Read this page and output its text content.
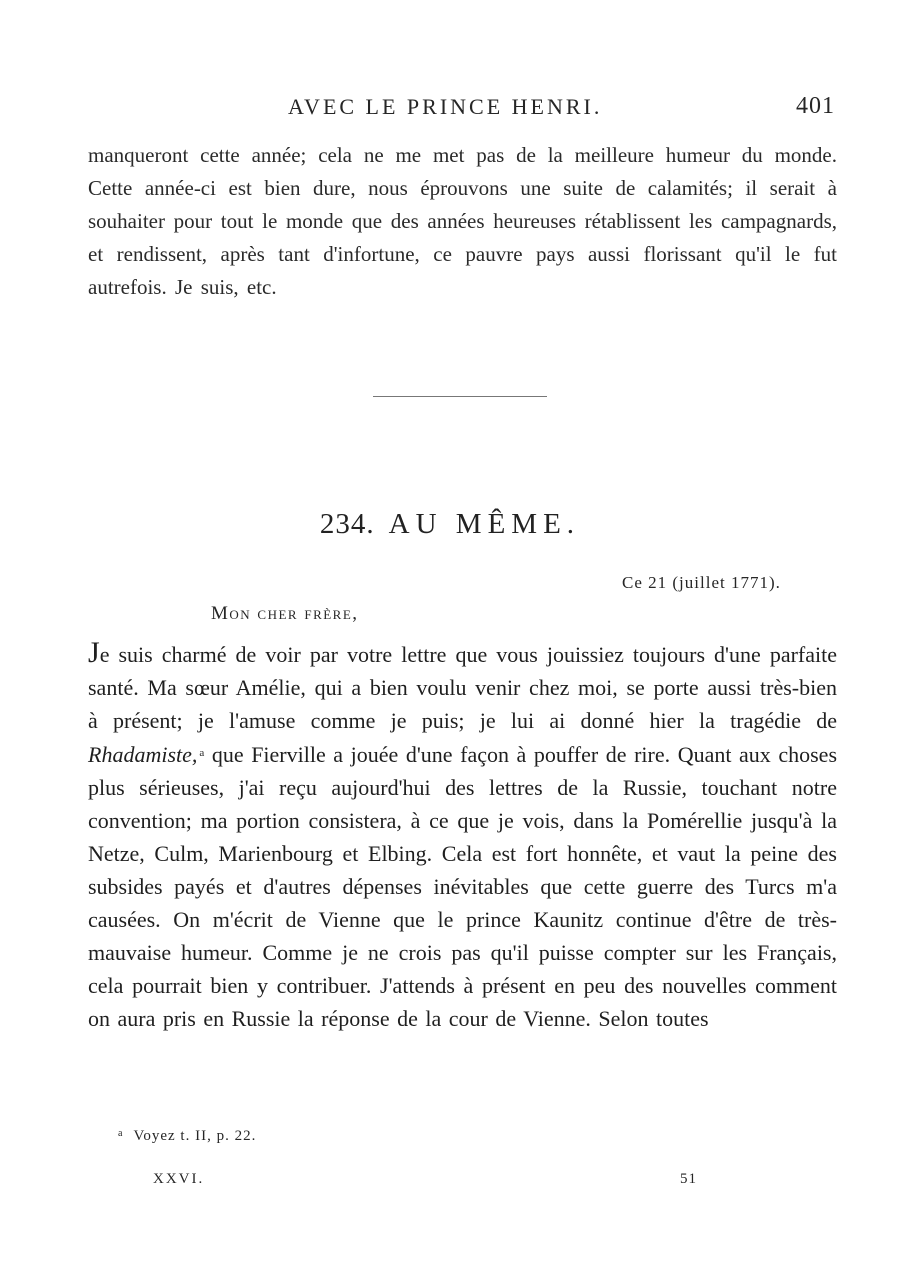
AVEC LE PRINCE HENRI.	401

manqueront cette année; cela ne me met pas de la meilleure humeur du monde. Cette année-ci est bien dure, nous éprouvons une suite de calamités; il serait à souhaiter pour tout le monde que des années heureuses rétablissent les campagnards, et rendissent, après tant d'infortune, ce pauvre pays aussi florissant qu'il le fut autrefois. Je suis, etc.

234. AU MÊME.
Ce 21 (juillet 1771).
Mon cher frère,

Je suis charmé de voir par votre lettre que vous jouissiez toujours d'une parfaite santé. Ma sœur Amélie, qui a bien voulu venir chez moi, se porte aussi très-bien à présent; je l'amuse comme je puis; je lui ai donné hier la tragédie de Rhadamiste, $^a$ que Fierville a jouée d'une façon à pouffer de rire. Quant aux choses plus sérieuses, j'ai reçu aujourd'hui des lettres de la Russie, touchant notre convention; ma portion consistera, à ce que je vois, dans la Pomérellie jusqu'à la Netze, Culm, Marienbourg et Elbing. Cela est fort honnête, et vaut la peine des subsides payés et d'autres dépenses inévitables que cette guerre des Turcs m'a causées. On m'écrit de Vienne que le prince Kaunitz continue d'être de très-mauvaise humeur. Comme je ne crois pas qu'il puisse compter sur les Français, cela pourrait bien y contribuer. J'attends à présent en peu des nouvelles comment on aura pris en Russie la réponse de la cour de Vienne. Selon toutes

$^a$ Voyez t. II, p. 22.
XXVI.	51
